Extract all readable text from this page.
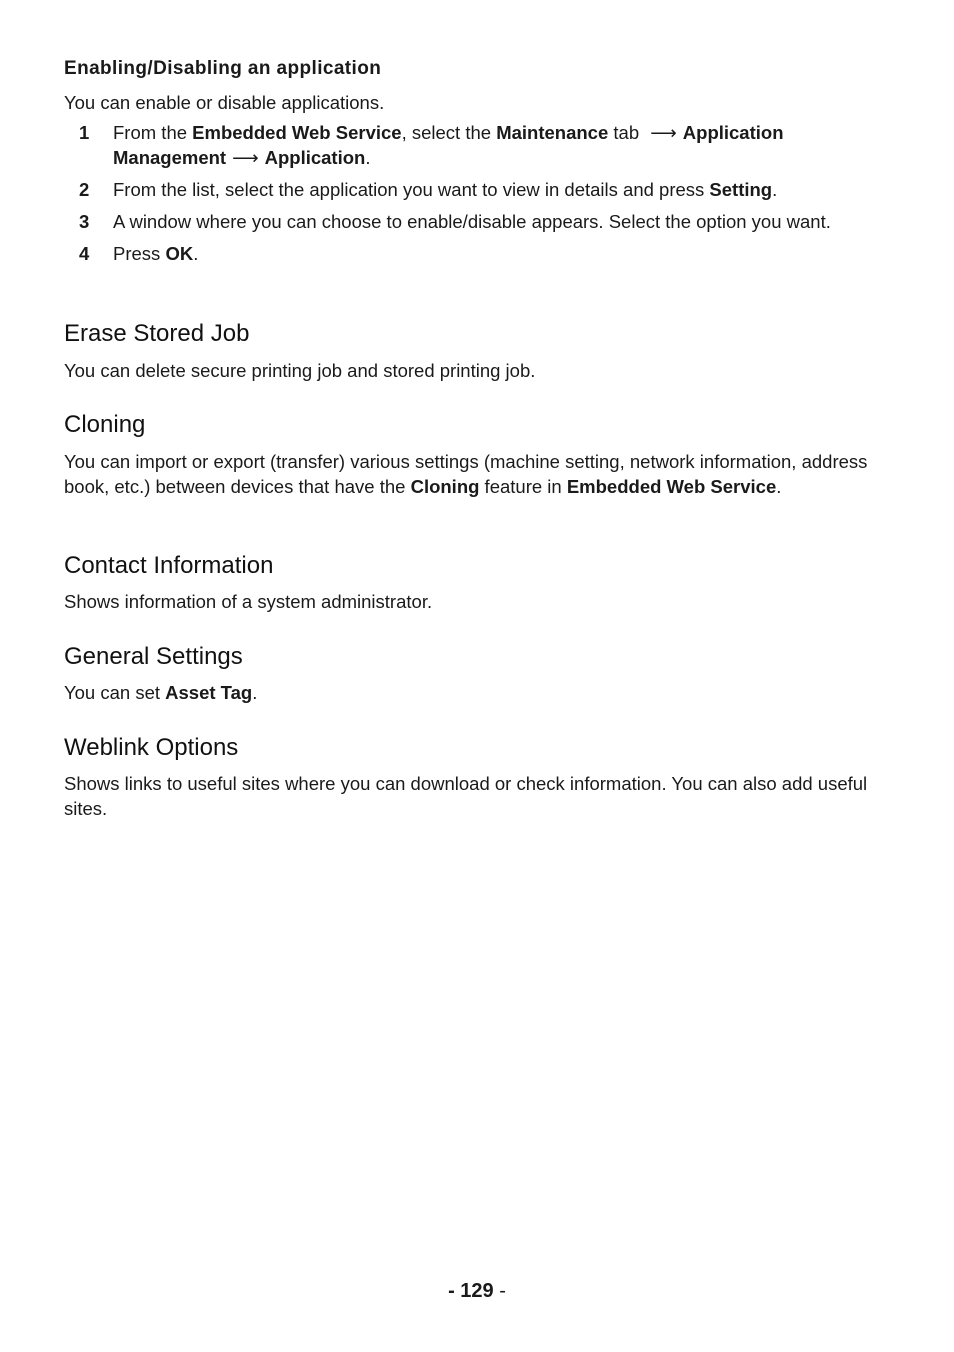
Enabling/Disabling an application

You can enable or disable applications.

1 From the Embedded Web Service, select the Maintenance tab ⟶ Application
Management ⟶ Application.
2 From the list, select the application you want to view in details and press Setting.
3 A window where you can choose to enable/disable appears. Select the option you want.
4 Press OK.
Erase Stored Job

You can delete secure printing job and stored printing job.

Cloning

You can import or export (transfer) various settings (machine setting, network information, address book, etc.) between devices that have the Cloning feature in Embedded Web Service.

Contact Information

Shows information of a system administrator.

General Settings

You can set Asset Tag.

Weblink Options

Shows links to useful sites where you can download or check information. You can also add useful sites.

- 129 -
